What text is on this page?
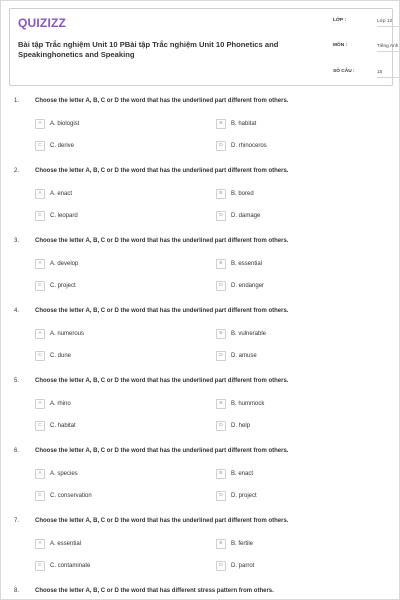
QUIZIZZ
Bài tập Trắc nghiệm Unit 10 PBài tập Trắc nghiệm Unit 10 Phonetics and Speakinghonetics and Speaking
LỚP :	Lớp 12
MÔN :	Tiếng Anh
SỐ CÂU :	15
1.	Choose the letter A, B, C or D the word that has the underlined part different from others.
A	A. biologist	B	B. habitat
C	C. derive	D	D. rhinoceros
2.	Choose the letter A, B, C or D the word that has the underlined part different from others.
A	A. enact	B	B. bored
C	C. leopard	D	D. damage
3.	Choose the letter A, B, C or D the word that has the underlined part different from others.
A	A. develop	B	B. essential
C	C. project	D	D. endanger
4.	Choose the letter A, B, C or D the word that has the underlined part different from others.
A	A. numerous	B	B. vulnerable
C	C. dune	D	D. amuse
5.	Choose the letter A, B, C or D the word that has the underlined part different from others.
A	A. rhino	B	B. hummock
C	C. habitat	D	D. help
6.	Choose the letter A, B, C or D the word that has the underlined part different from others.
A	A. species	B	B. enact
C	C. conservation	D	D. project
7.	Choose the letter A, B, C or D the word that has the underlined part different from others.
A	A. essential	B	B. fertile
C	C. contaminate	D	D. parrot
8.	Choose the letter A, B, C or D the word that has different stress pattern from others.
